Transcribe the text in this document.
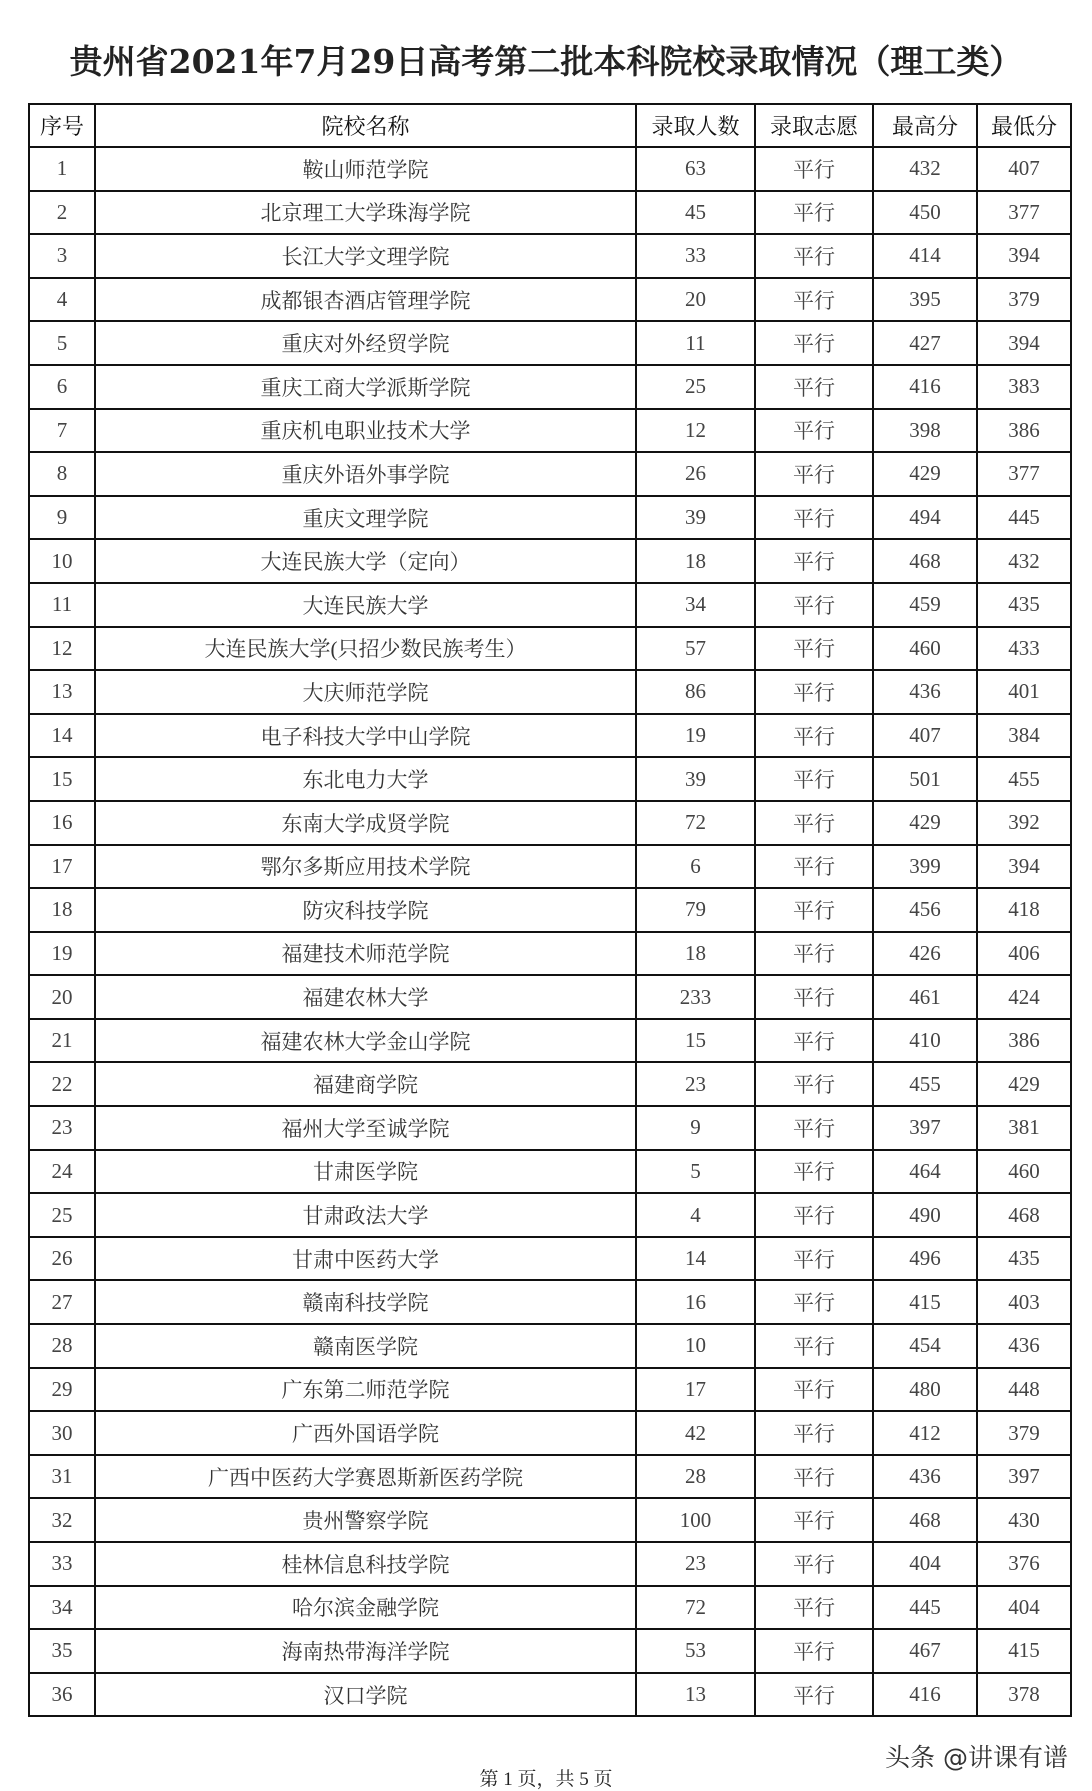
贵州省2021年7月29日高考第二批本科院校录取情况（理工类）
序号	院校名称	录取人数	录取志愿	最高分	最低分
1	鞍山师范学院	63	平行	432	407
2	北京理工大学珠海学院	45	平行	450	377
3	长江大学文理学院	33	平行	414	394
4	成都银杏酒店管理学院	20	平行	395	379
5	重庆对外经贸学院	11	平行	427	394
6	重庆工商大学派斯学院	25	平行	416	383
7	重庆机电职业技术大学	12	平行	398	386
8	重庆外语外事学院	26	平行	429	377
9	重庆文理学院	39	平行	494	445
10	大连民族大学（定向）	18	平行	468	432
11	大连民族大学	34	平行	459	435
12	大连民族大学(只招少数民族考生）	57	平行	460	433
13	大庆师范学院	86	平行	436	401
14	电子科技大学中山学院	19	平行	407	384
15	东北电力大学	39	平行	501	455
16	东南大学成贤学院	72	平行	429	392
17	鄂尔多斯应用技术学院	6	平行	399	394
18	防灾科技学院	79	平行	456	418
19	福建技术师范学院	18	平行	426	406
20	福建农林大学	233	平行	461	424
21	福建农林大学金山学院	15	平行	410	386
22	福建商学院	23	平行	455	429
23	福州大学至诚学院	9	平行	397	381
24	甘肃医学院	5	平行	464	460
25	甘肃政法大学	4	平行	490	468
26	甘肃中医药大学	14	平行	496	435
27	赣南科技学院	16	平行	415	403
28	赣南医学院	10	平行	454	436
29	广东第二师范学院	17	平行	480	448
30	广西外国语学院	42	平行	412	379
31	广西中医药大学赛恩斯新医药学院	28	平行	436	397
32	贵州警察学院	100	平行	468	430
33	桂林信息科技学院	23	平行	404	376
34	哈尔滨金融学院	72	平行	445	404
35	海南热带海洋学院	53	平行	467	415
36	汉口学院	13	平行	416	378
头条 @讲课有谱
第 1 页，共 5 页
